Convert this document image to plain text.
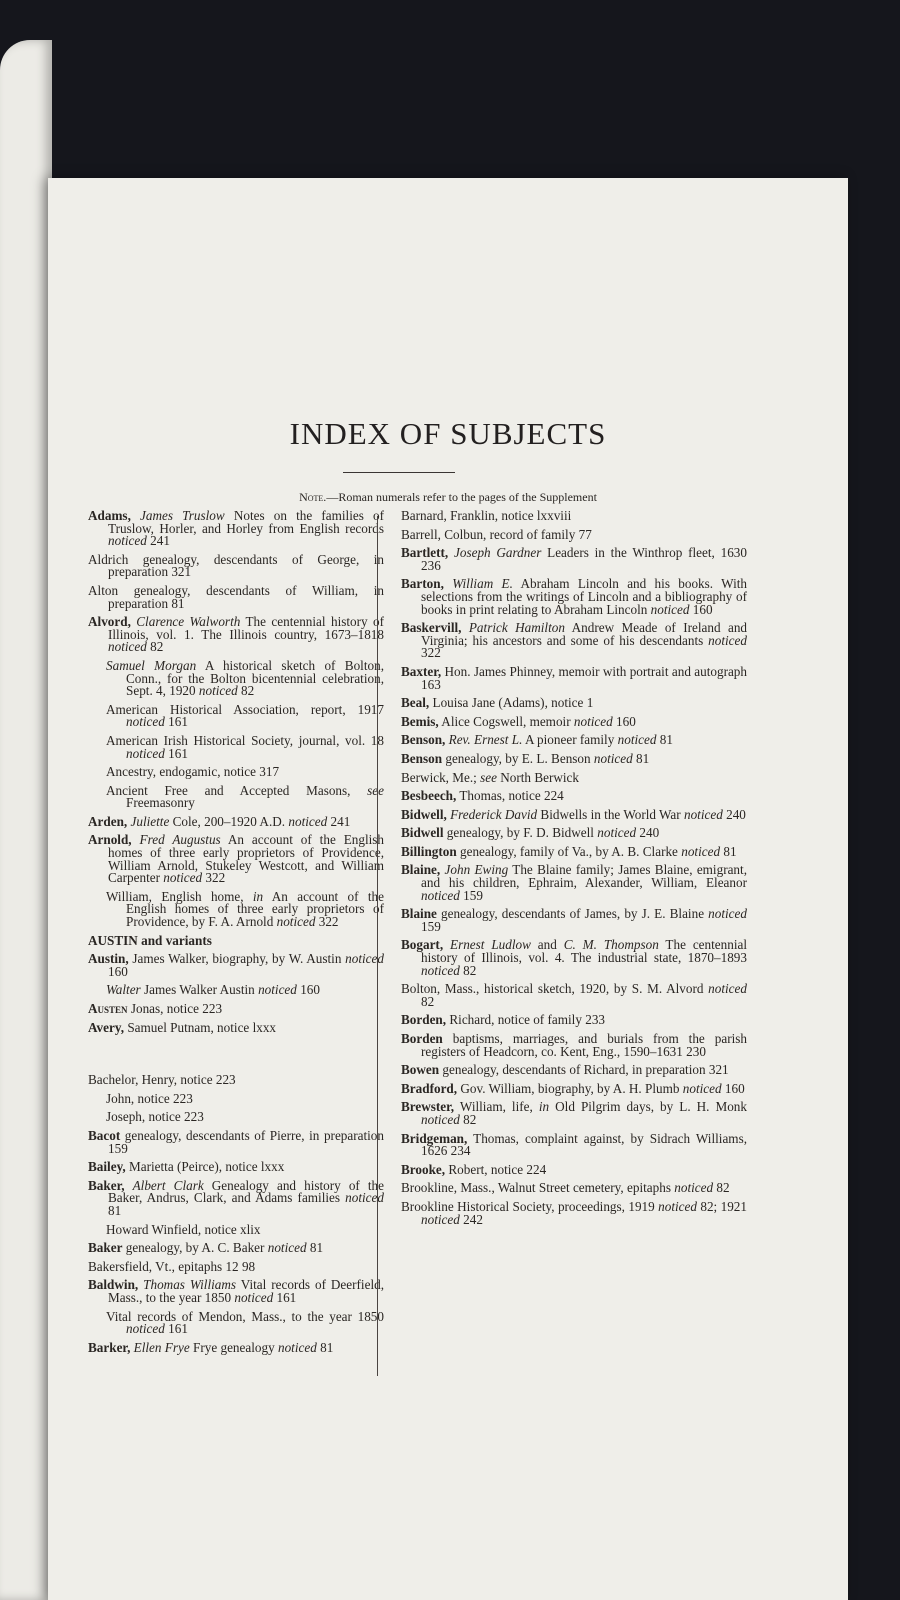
INDEX OF SUBJECTS
Note.—Roman numerals refer to the pages of the Supplement
Adams, James Truslow Notes on the families of Truslow, Horler, and Horley from English records noticed 241
Aldrich genealogy, descendants of George, in preparation 321
Alton genealogy, descendants of William, in preparation 81
Alvord, Clarence Walworth The centennial history of Illinois, vol. 1. The Illinois country, 1673–1818 noticed 82
Samuel Morgan A historical sketch of Bolton, Conn., for the Bolton bicentennial celebration, Sept. 4, 1920 noticed 82
American Historical Association, report, 1917 noticed 161
American Irish Historical Society, journal, vol. 18 noticed 161
Ancestry, endogamic, notice 317
Ancient Free and Accepted Masons, see Freemasonry
Arden, Juliette Cole, 200–1920 A.D. noticed 241
Arnold, Fred Augustus An account of the English homes of three early proprietors of Providence, William Arnold, Stukeley Westcott, and William Carpenter noticed 322
William, English home, in An account of the English homes of three early proprietors of Providence, by F. A. Arnold noticed 322
AUSTIN and variants
Austin, James Walker, biography, by W. Austin noticed 160
Walter James Walker Austin noticed 160
Austen Jonas, notice 223
Avery, Samuel Putnam, notice lxxx
Bachelor, Henry, notice 223
John, notice 223
Joseph, notice 223
Bacot genealogy, descendants of Pierre, in preparation 159
Bailey, Marietta (Peirce), notice lxxx
Baker, Albert Clark Genealogy and history of the Baker, Andrus, Clark, and Adams families noticed 81
Howard Winfield, notice xlix
Baker genealogy, by A. C. Baker noticed 81
Bakersfield, Vt., epitaphs 12 98
Baldwin, Thomas Williams Vital records of Deerfield, Mass., to the year 1850 noticed 161
Vital records of Mendon, Mass., to the year 1850 noticed 161
Barker, Ellen Frye Frye genealogy noticed 81
Barnard, Franklin, notice lxxviii
Barrell, Colbun, record of family 77
Bartlett, Joseph Gardner Leaders in the Winthrop fleet, 1630 236
Barton, William E. Abraham Lincoln and his books. With selections from the writings of Lincoln and a bibliography of books in print relating to Abraham Lincoln noticed 160
Baskervill, Patrick Hamilton Andrew Meade of Ireland and Virginia; his ancestors and some of his descendants noticed 322
Baxter, Hon. James Phinney, memoir with portrait and autograph 163
Beal, Louisa Jane (Adams), notice 1
Bemis, Alice Cogswell, memoir noticed 160
Benson, Rev. Ernest L. A pioneer family noticed 81
Benson genealogy, by E. L. Benson noticed 81
Berwick, Me.; see North Berwick
Besbeech, Thomas, notice 224
Bidwell, Frederick David Bidwells in the World War noticed 240
Bidwell genealogy, by F. D. Bidwell noticed 240
Billington genealogy, family of Va., by A. B. Clarke noticed 81
Blaine, John Ewing The Blaine family; James Blaine, emigrant, and his children, Ephraim, Alexander, William, Eleanor noticed 159
Blaine genealogy, descendants of James, by J. E. Blaine noticed 159
Bogart, Ernest Ludlow and C. M. Thompson The centennial history of Illinois, vol. 4. The industrial state, 1870–1893 noticed 82
Bolton, Mass., historical sketch, 1920, by S. M. Alvord noticed 82
Borden, Richard, notice of family 233
Borden baptisms, marriages, and burials from the parish registers of Headcorn, co. Kent, Eng., 1590–1631 230
Bowen genealogy, descendants of Richard, in preparation 321
Bradford, Gov. William, biography, by A. H. Plumb noticed 160
Brewster, William, life, in Old Pilgrim days, by L. H. Monk noticed 82
Bridgeman, Thomas, complaint against, by Sidrach Williams, 1626 234
Brooke, Robert, notice 224
Brookline, Mass., Walnut Street cemetery, epitaphs noticed 82
Brookline Historical Society, proceedings, 1919 noticed 82; 1921 noticed 242
